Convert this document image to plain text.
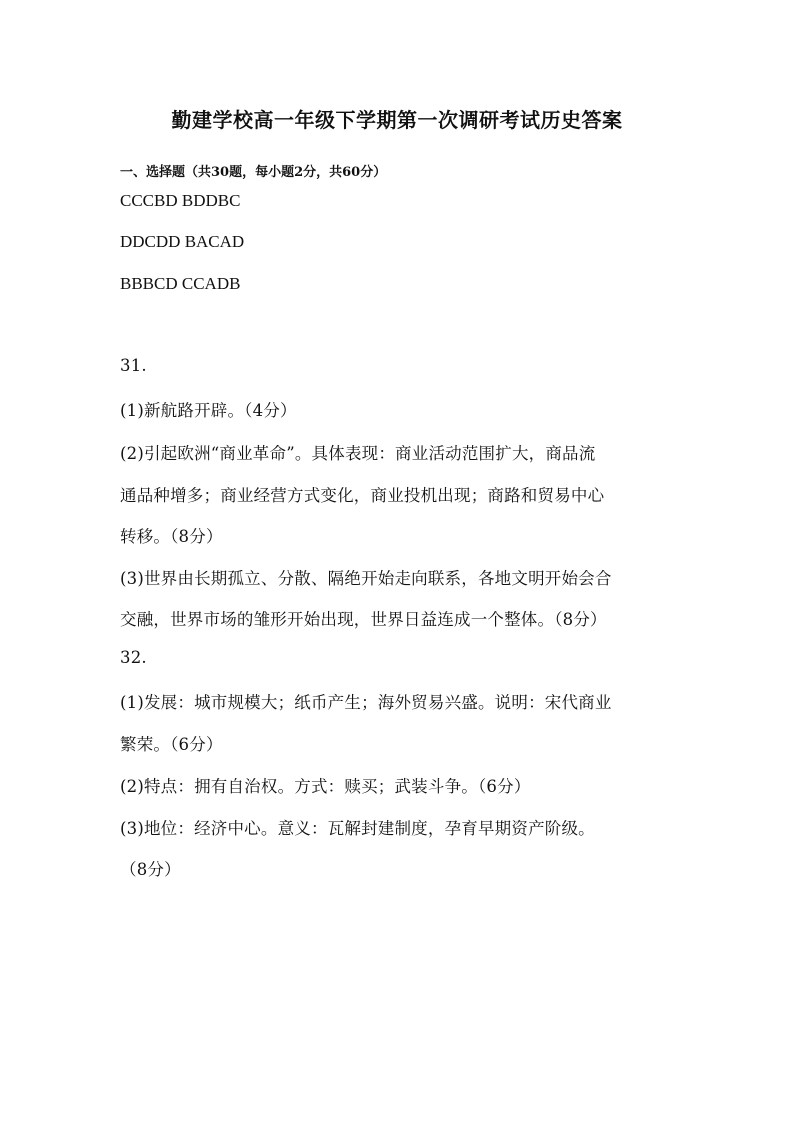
勤建学校高一年级下学期第一次调研考试历史答案
一、选择题（共30题，每小题2分，共60分）
CCCBD BDDBC
DDCDD BACAD
BBBCD CCADB
31.
(1)新航路开辟。（4分）
(2)引起欧洲“商业革命”。具体表现：商业活动范围扩大，商品流
通品种增多；商业经营方式变化，商业投机出现；商路和贸易中心
转移。（8分）
(3)世界由长期孤立、分散、隔绝开始走向联系，各地文明开始会合
交融，世界市场的雏形开始出现，世界日益连成一个整体。（8分）
32.
(1)发展：城市规模大；纸币产生；海外贸易兴盛。说明：宋代商业
繁荣。（6分）
(2)特点：拥有自治权。方式：赎买；武装斗争。（6分）
(3)地位：经济中心。意义：瓦解封建制度，孕育早期资产阶级。
（8分）
